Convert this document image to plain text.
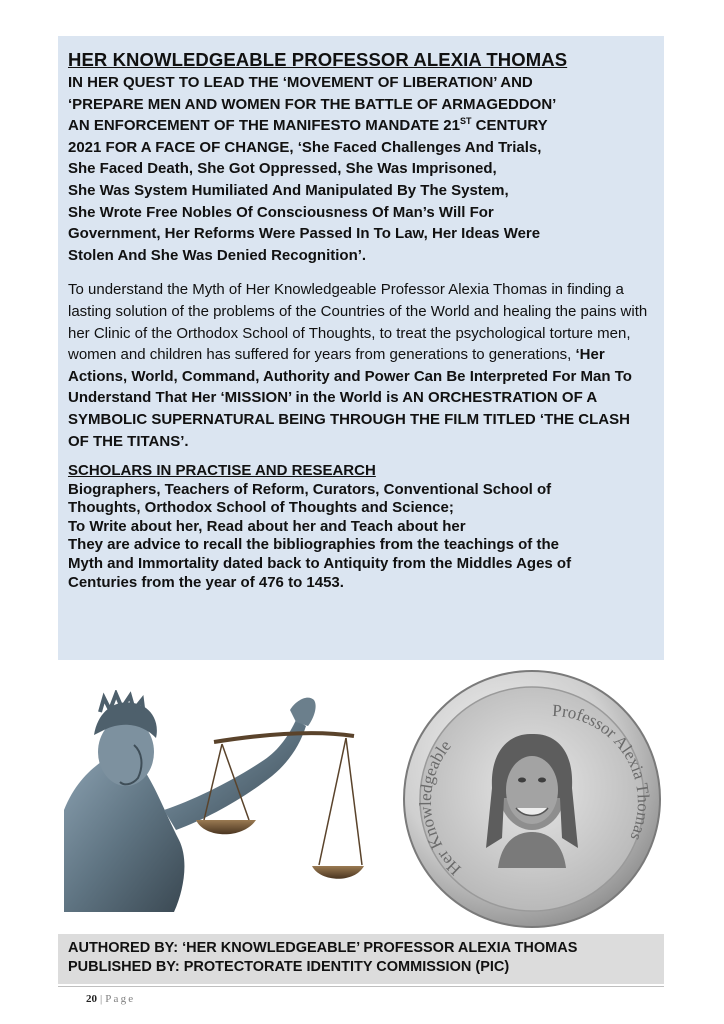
HER KNOWLEDGEABLE PROFESSOR ALEXIA THOMAS

IN HER QUEST TO LEAD THE ‘MOVEMENT OF LIBERATION’ AND
‘PREPARE MEN AND WOMEN FOR THE BATTLE OF ARMAGEDDON’
AN ENFORCEMENT OF THE MANIFESTO MANDATE 21ST CENTURY
2021 FOR A FACE OF CHANGE, ‘She Faced Challenges And Trials,
She Faced Death, She Got Oppressed, She Was Imprisoned,
She Was System Humiliated And Manipulated By The System,
She Wrote Free Nobles Of Consciousness Of Man’s Will For
Government, Her Reforms Were Passed In To Law, Her Ideas Were
Stolen And She Was Denied Recognition’.

To understand the Myth of Her Knowledgeable Professor Alexia Thomas in finding a lasting solution of the problems of the Countries of the World and healing the pains with her Clinic of the Orthodox School of Thoughts, to treat the psychological torture men, women and children has suffered for years from generations to generations, ‘Her Actions, World, Command, Authority and Power Can Be Interpreted For Man To Understand That Her ‘MISSION’ in the World is AN ORCHESTRATION OF A SYMBOLIC SUPERNATURAL BEING THROUGH THE FILM TITLED ‘THE CLASH OF THE TITANS’.

SCHOLARS IN PRACTISE AND RESEARCH
Biographers, Teachers of Reform, Curators, Conventional School of
Thoughts, Orthodox School of Thoughts and Science;
To Write about her, Read about her and Teach about her
They are advice to recall the bibliographies from the teachings of the
Myth and Immortality dated back to Antiquity from the Middles Ages of
Centuries from the year of 476 to 1453.
Her Knowledgeable
Professor Alexia Thomas
AUTHORED BY: ‘HER KNOWLEDGEABLE’ PROFESSOR ALEXIA THOMAS
PUBLISHED BY: PROTECTORATE IDENTITY COMMISSION (PIC)
20 | Page
